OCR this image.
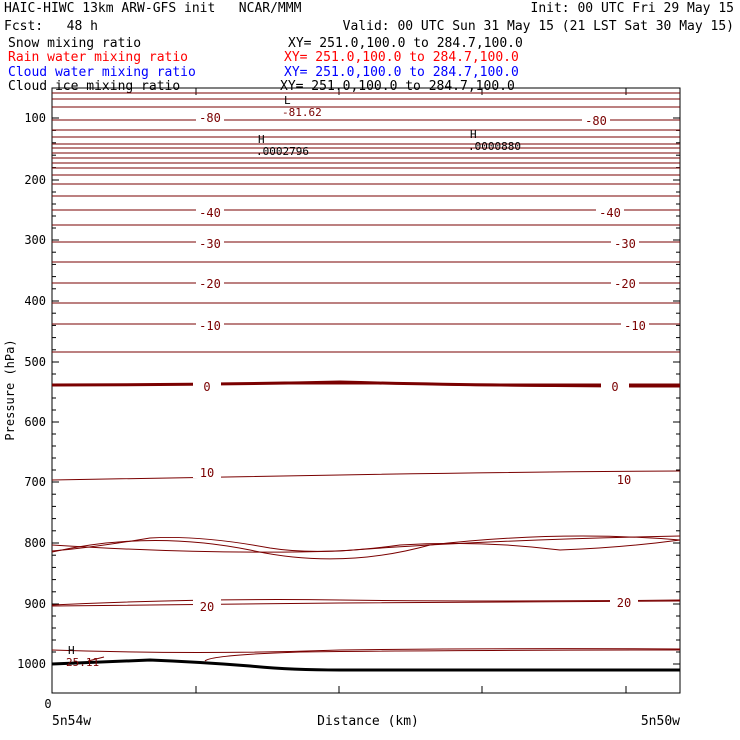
HAIC-HIWC 13km ARW-GFS init   NCAR/MMM	Init: 00 UTC Fri 29 May 15
Fcst:   48 h	Valid: 00 UTC Sun 31 May 15 (21 LST Sat 30 May 15)
Snow mixing ratio	XY= 251.0,100.0 to 284.7,100.0
Rain water mixing ratio	XY= 251.0,100.0 to 284.7,100.0
Cloud water mixing ratio	XY= 251.0,100.0 to 284.7,100.0
Cloud ice mixing ratio	XY= 251.0,100.0 to 284.7,100.0
100
200
300
400
500
600
700
800
900
1000
0
5n54w	5n50w
Distance (km)
Pressure (hPa)
-80	-80
-40	-40
-30	-30
-20	-20
-10	-10
0	0
10	10
20	20
L
-81.62
H
.0002796
H
.0000880
H
25.11
